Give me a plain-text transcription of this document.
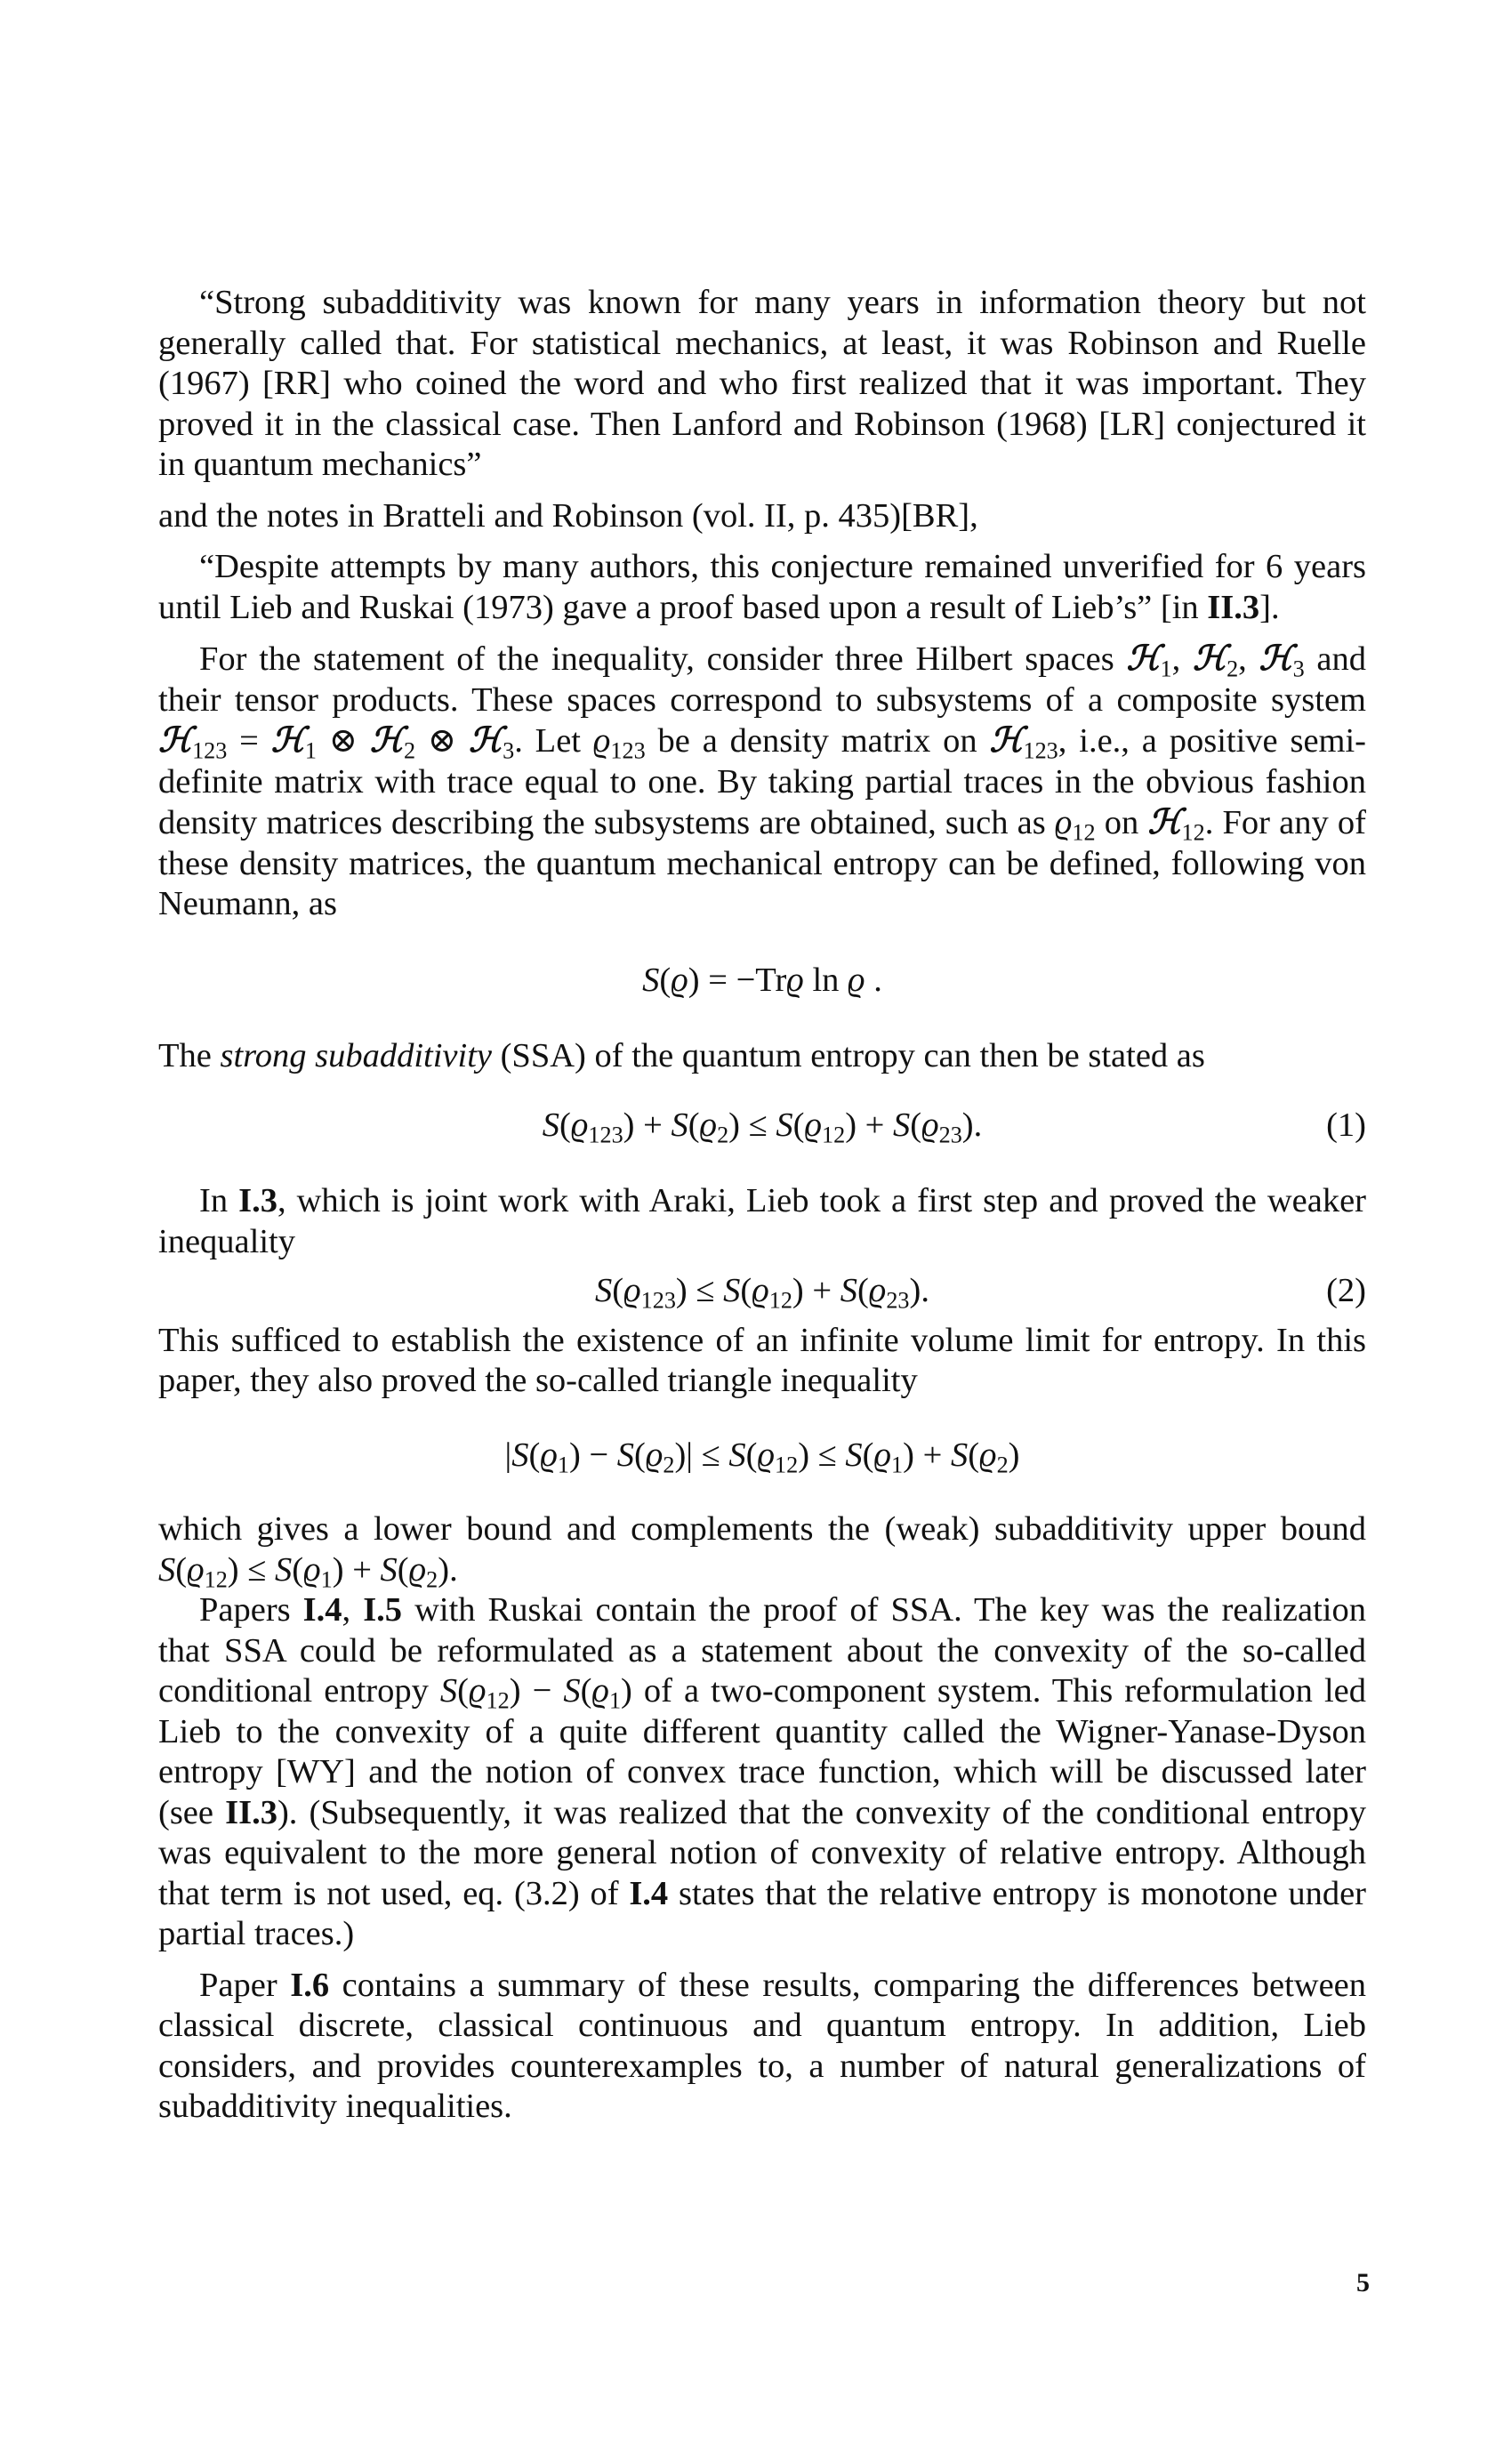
“Strong subadditivity was known for many years in information theory but not generally called that. For statistical mechanics, at least, it was Robinson and Ruelle (1967) [RR] who coined the word and who first realized that it was important. They proved it in the classical case. Then Lanford and Robinson (1968) [LR] conjectured it in quantum mechanics”

and the notes in Bratteli and Robinson (vol. II, p. 435)[BR],

“Despite attempts by many authors, this conjecture remained unverified for 6 years until Lieb and Ruskai (1973) gave a proof based upon a result of Lieb’s” [in II.3].

For the statement of the inequality, consider three Hilbert spaces ℋ$_1$, ℋ$_2$, ℋ$_3$ and their tensor products. These spaces correspond to subsystems of a composite system ℋ$_{123}$ = ℋ$_1$ ⊗ ℋ$_2$ ⊗ ℋ$_3$. Let $ϱ_{123}$ be a density matrix on ℋ$_{123}$, i.e., a positive semi-definite matrix with trace equal to one. By taking partial traces in the obvious fashion density matrices describing the subsystems are obtained, such as $ϱ_{12}$ on ℋ$_{12}$. For any of these density matrices, the quantum mechanical entropy can be defined, following von Neumann, as

S(ϱ) = −Trϱ ln ϱ .

The strong subadditivity (SSA) of the quantum entropy can then be stated as

$S(ϱ_{123}) + S(ϱ_2) \le S(ϱ_{12}) + S(ϱ_{23})$.	(1)

In I.3, which is joint work with Araki, Lieb took a first step and proved the weaker inequality

$S(ϱ_{123}) \le S(ϱ_{12}) + S(ϱ_{23})$.	(2)

This sufficed to establish the existence of an infinite volume limit for entropy. In this paper, they also proved the so-called triangle inequality

$|S(ϱ_1) - S(ϱ_2)| \le S(ϱ_{12}) \le S(ϱ_1) + S(ϱ_2)$

which gives a lower bound and complements the (weak) subadditivity upper bound $S(ϱ_{12}) \le S(ϱ_1) + S(ϱ_2)$.

Papers I.4, I.5 with Ruskai contain the proof of SSA. The key was the realization that SSA could be reformulated as a statement about the convexity of the so-called conditional entropy $S(ϱ_{12}) - S(ϱ_1)$ of a two-component system. This reformulation led Lieb to the convexity of a quite different quantity called the Wigner-Yanase-Dyson entropy [WY] and the notion of convex trace function, which will be discussed later (see II.3). (Subsequently, it was realized that the convexity of the conditional entropy was equivalent to the more general notion of convexity of relative entropy. Although that term is not used, eq. (3.2) of I.4 states that the relative entropy is monotone under partial traces.)

Paper I.6 contains a summary of these results, comparing the differences between classical discrete, classical continuous and quantum entropy. In addition, Lieb considers, and provides counterexamples to, a number of natural generalizations of subadditivity inequalities.

5
